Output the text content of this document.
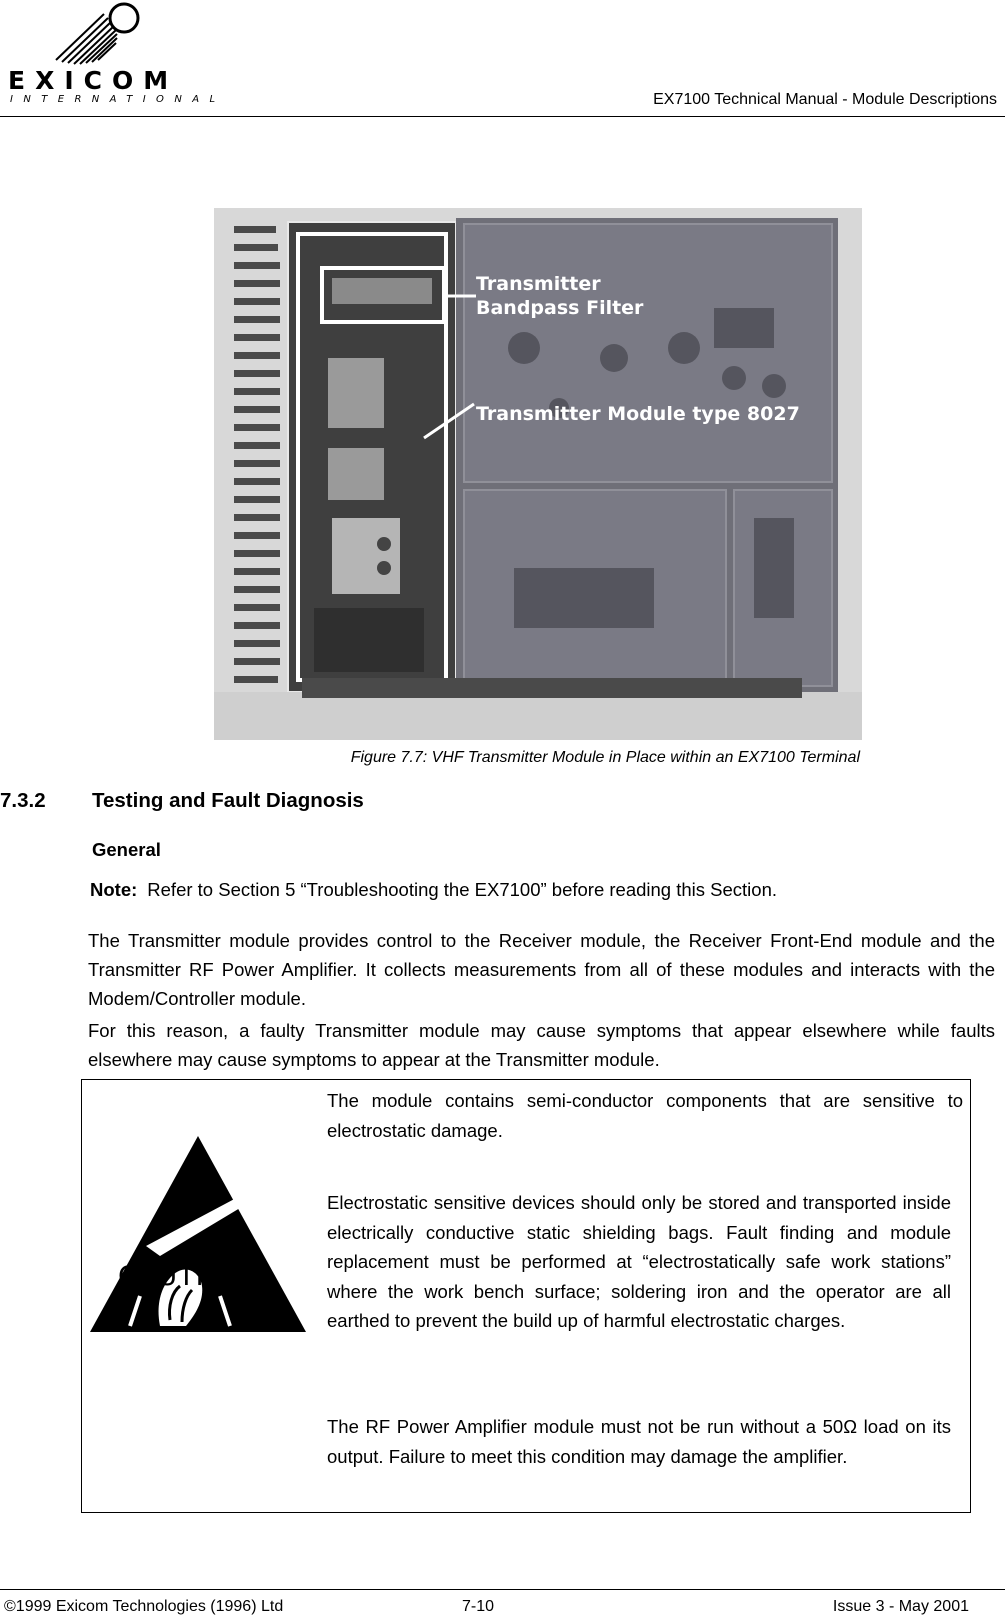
EXICOM
INTERNATIONAL	EX7100 Technical Manual - Module Descriptions
Transmitter
Bandpass Filter
Transmitter Module type 8027
Figure 7.7: VHF Transmitter Module in Place within an EX7100 Terminal
7.3.2 Testing and Fault Diagnosis
General
Note: Refer to Section 5 “Troubleshooting the EX7100” before reading this Section.
The Transmitter module provides control to the Receiver module, the Receiver Front-End module and the Transmitter RF Power Amplifier. It collects measurements from all of these modules and interacts with the Modem/Controller module.
For this reason, a faulty Transmitter module may cause symptoms that appear elsewhere while faults elsewhere may cause symptoms to appear at the Transmitter module.
CAUTION
The module contains semi-conductor components that are sensitive to electrostatic damage.
Electrostatic sensitive devices should only be stored and transported inside electrically conductive static shielding bags. Fault finding and module replacement must be performed at “electrostatically safe work stations” where the work bench surface; soldering iron and the operator are all earthed to prevent the build up of harmful electrostatic charges.
The RF Power Amplifier module must not be run without a 50Ω load on its output. Failure to meet this condition may damage the amplifier.
©1999 Exicom Technologies (1996) Ltd	7-10	Issue 3 - May 2001
